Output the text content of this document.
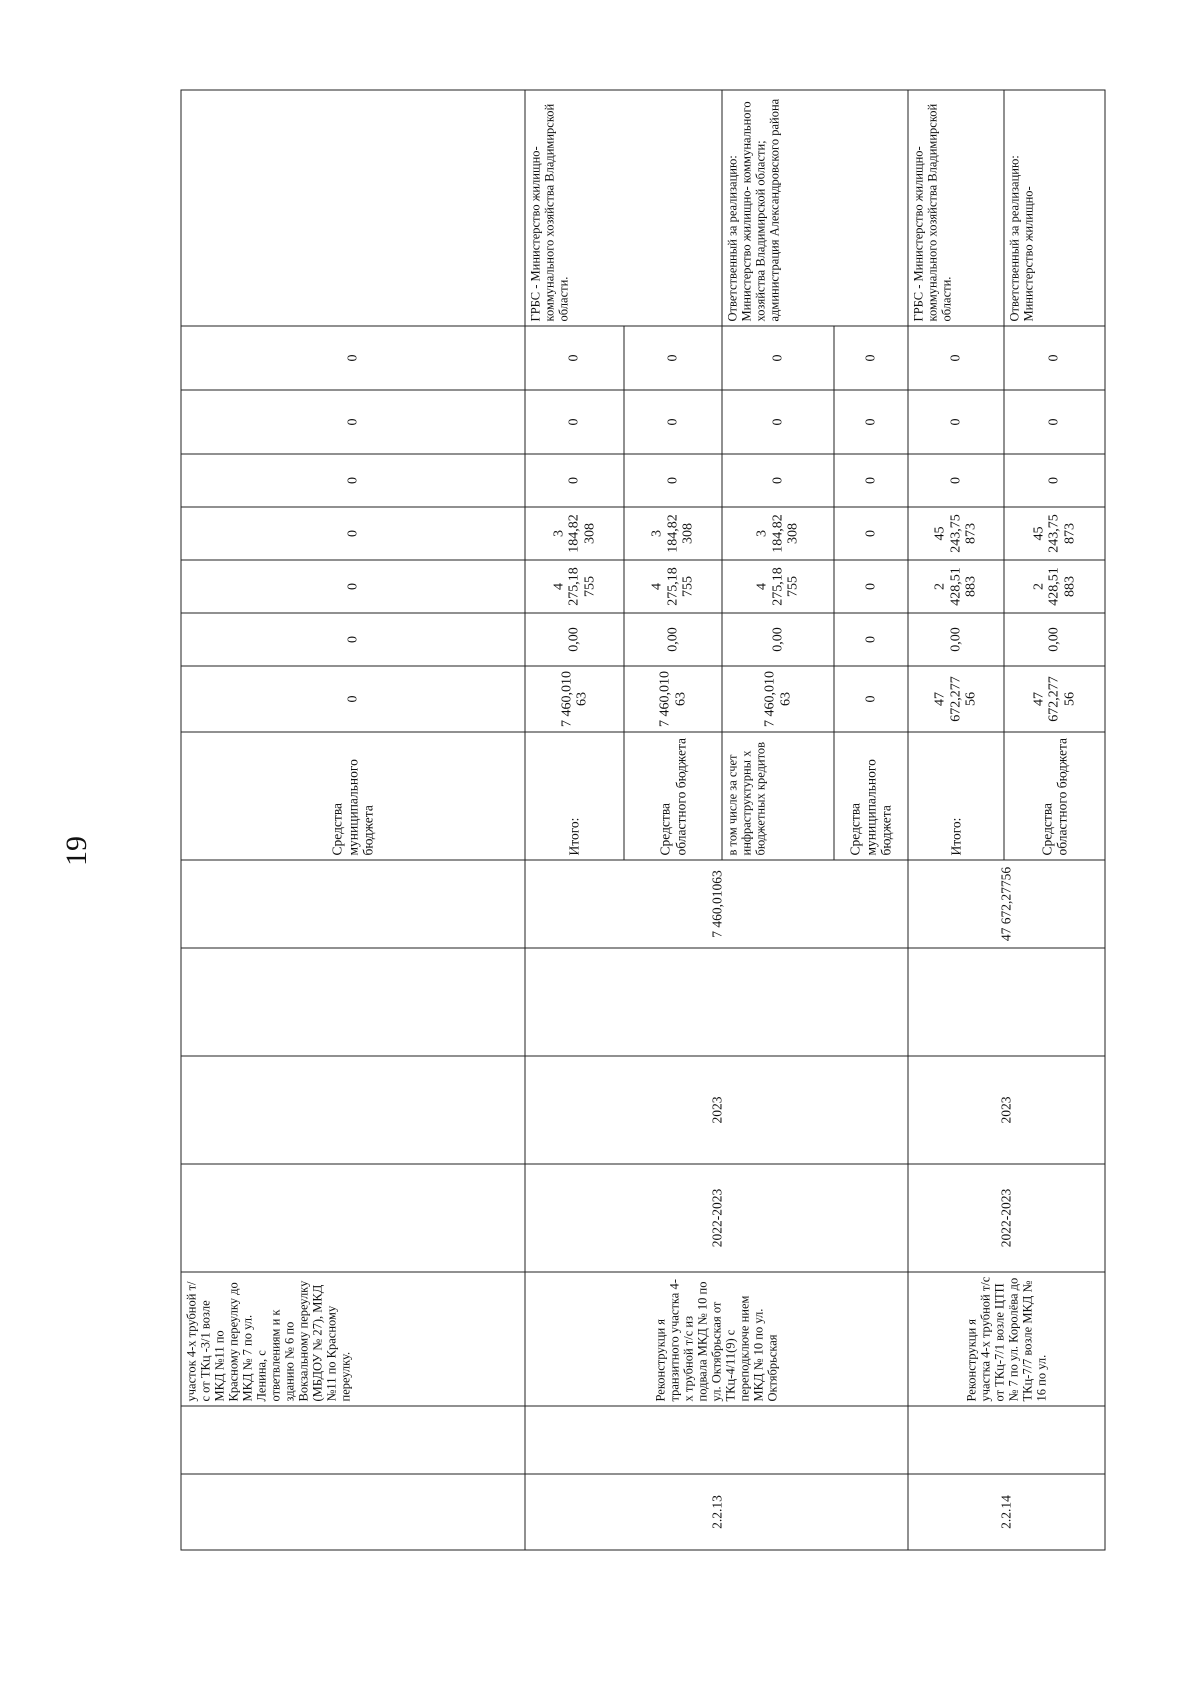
19
		участок 4-х трубной т/с от ТКц -3/1 возле МКД №11 по Красному переулку до МКД № 7 по ул. Ленина, с ответвлениям и к зданию № 6 по Вокзальному переулку (МБДОУ № 27), МКД №11 по Красному переулку.					Средства муниципального бюджета	0	0	0	0	0	0	0	
2.2.13		Реконструкци я транзитного участка 4-х трубной т/с из подвала МКД № 10 по ул. Октябрьская от ТКц-4/11(9) с переподключе нием МКД № 10 по ул. Октябрьская	2022-2023	2023		7 460,01063	Итого:	7 460,010 63	0,00	4 275,18 755	3 184,82 308	0	0	0	ГРБС - Министерство жилищно- коммунального хозяйства Владимирской области.
							Средства областного бюджета	7 460,010 63	0,00	4 275,18 755	3 184,82 308	0	0	0	
							в том числе за счет инфраструктурны х бюджетных кредитов	7 460,010 63	0,00	4 275,18 755	3 184,82 308	0	0	0	Ответственный за реализацию: Министерство жилищно- коммунального хозяйства Владимирской области; администрация Александровского района
							Средства муниципального бюджета	0	0	0	0	0	0	0	
2.2.14		Реконструкци я участка 4-х трубной т/с от ТКц-7/1 возле ЦТП № 7 по ул. Королёва до ТКц-7/7 возле МКД № 16 по ул.	2022-2023	2023		47 672,27756	Итого:	47 672,277 56	0,00	2 428,51 883	45 243,75 873	0	0	0	ГРБС - Министерство жилищно- коммунального хозяйства Владимирской области.
							Средства областного бюджета	47 672,277 56	0,00	2 428,51 883	45 243,75 873	0	0	0	Ответственный за реализацию: Министерство жилищно-
